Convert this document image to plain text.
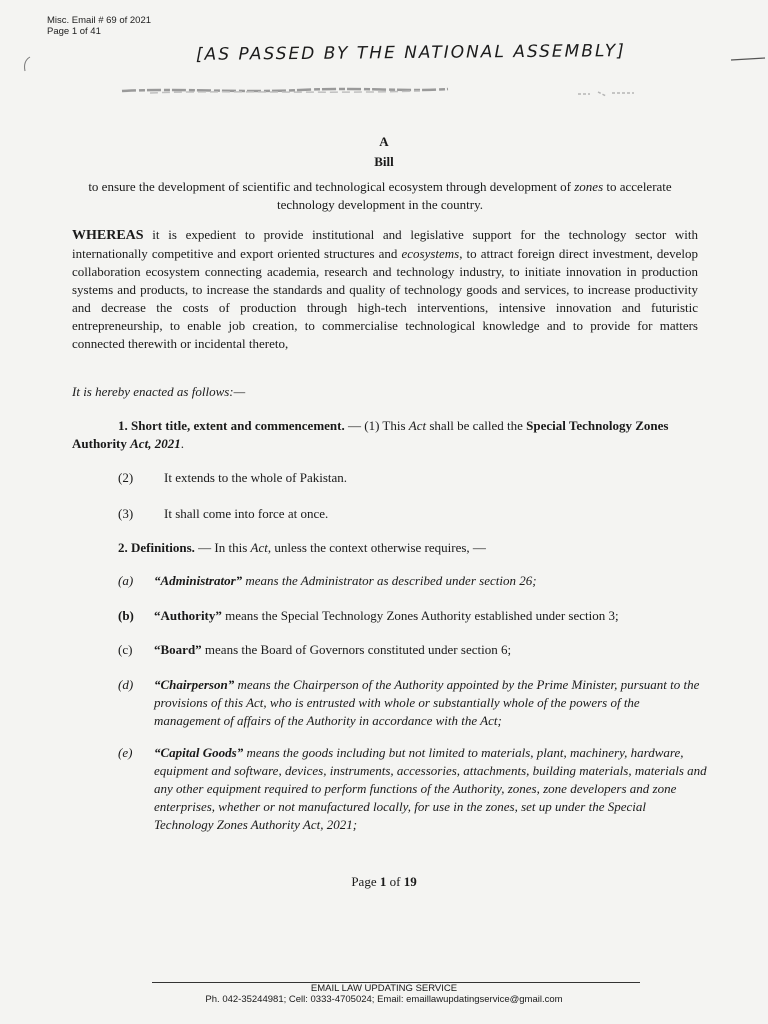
Misc. Email # 69 of 2021
Page 1 of 41
[AS PASSED BY THE NATIONAL ASSEMBLY]
A
Bill
to ensure the development of scientific and technological ecosystem through development of zones to accelerate technology development in the country.
WHEREAS it is expedient to provide institutional and legislative support for the technology sector with internationally competitive and export oriented structures and ecosystems, to attract foreign direct investment, develop collaboration ecosystem connecting academia, research and technology industry, to initiate innovation in production systems and products, to increase the standards and quality of technology goods and services, to increase productivity and decrease the costs of production through high-tech interventions, intensive innovation and futuristic entrepreneurship, to enable job creation, to commercialise technological knowledge and to provide for matters connected therewith or incidental thereto,
It is hereby enacted as follows:—
1. Short title, extent and commencement. — (1) This Act shall be called the Special Technology Zones Authority Act, 2021.
(2) It extends to the whole of Pakistan.
(3) It shall come into force at once.
2. Definitions. — In this Act, unless the context otherwise requires, —
(a)	“Administrator” means the Administrator as described under section 26;
(b)	“Authority” means the Special Technology Zones Authority established under section 3;
(c)	“Board” means the Board of Governors constituted under section 6;
(d)	“Chairperson” means the Chairperson of the Authority appointed by the Prime Minister, pursuant to the provisions of this Act, who is entrusted with whole or substantially whole of the powers of the management of affairs of the Authority in accordance with the Act;
(e)	“Capital Goods” means the goods including but not limited to materials, plant, machinery, hardware, equipment and software, devices, instruments, accessories, attachments, building materials, materials and any other equipment required to perform functions of the Authority, zones, zone developers and zone enterprises, whether or not manufactured locally, for use in the zones, set up under the Special Technology Zones Authority Act, 2021;
Page 1 of 19
EMAIL LAW UPDATING SERVICE
Ph. 042-35244981; Cell: 0333-4705024; Email: emaillawupdatingservice@gmail.com
